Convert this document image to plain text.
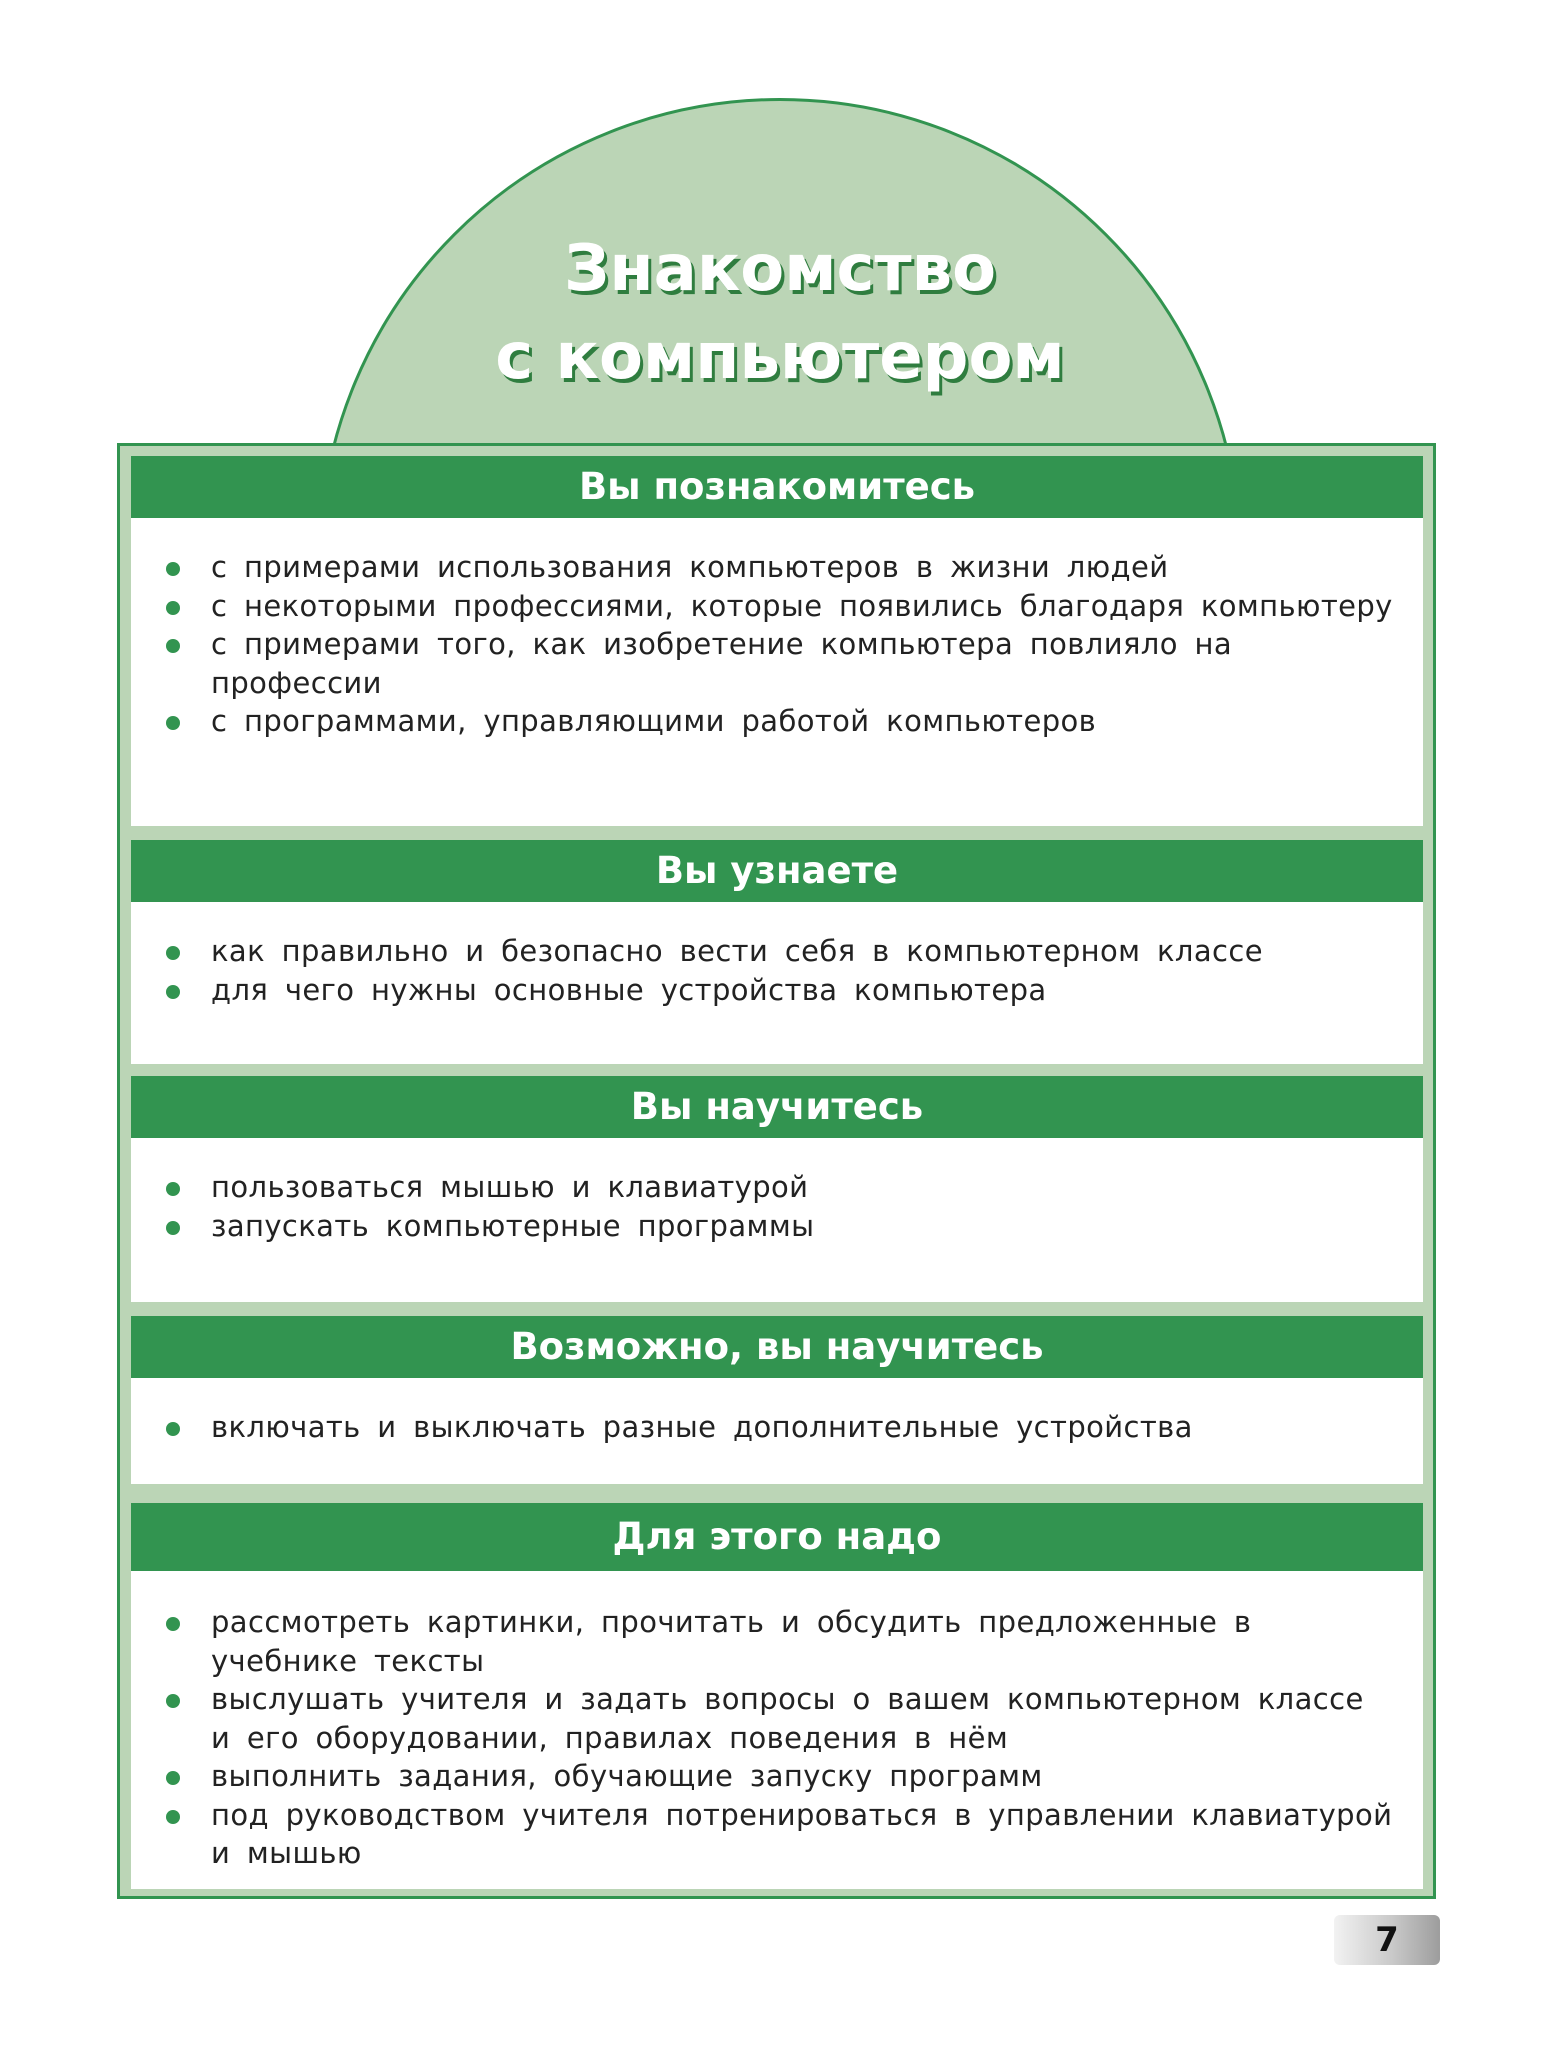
Знакомство
с компьютером
Вы познакомитесь
с примерами использования компьютеров в жизни людей
с некоторыми профессиями, которые появились благодаря компьютеру
с примерами того, как изобретение компьютера повлияло на профессии
с программами, управляющими работой компьютеров
Вы узнаете
как правильно и безопасно вести себя в компьютерном классе
для чего нужны основные устройства компьютера
Вы научитесь
пользоваться мышью и клавиатурой
запускать компьютерные программы
Возможно, вы научитесь
включать и выключать разные дополнительные устройства
Для этого надо
рассмотреть картинки, прочитать и обсудить предложенные в учебнике тексты
выслушать учителя и задать вопросы о вашем компьютерном классе и его оборудовании, правилах поведения в нём
выполнить задания, обучающие запуску программ
под руководством учителя потренироваться в управлении клавиатурой и мышью
7
